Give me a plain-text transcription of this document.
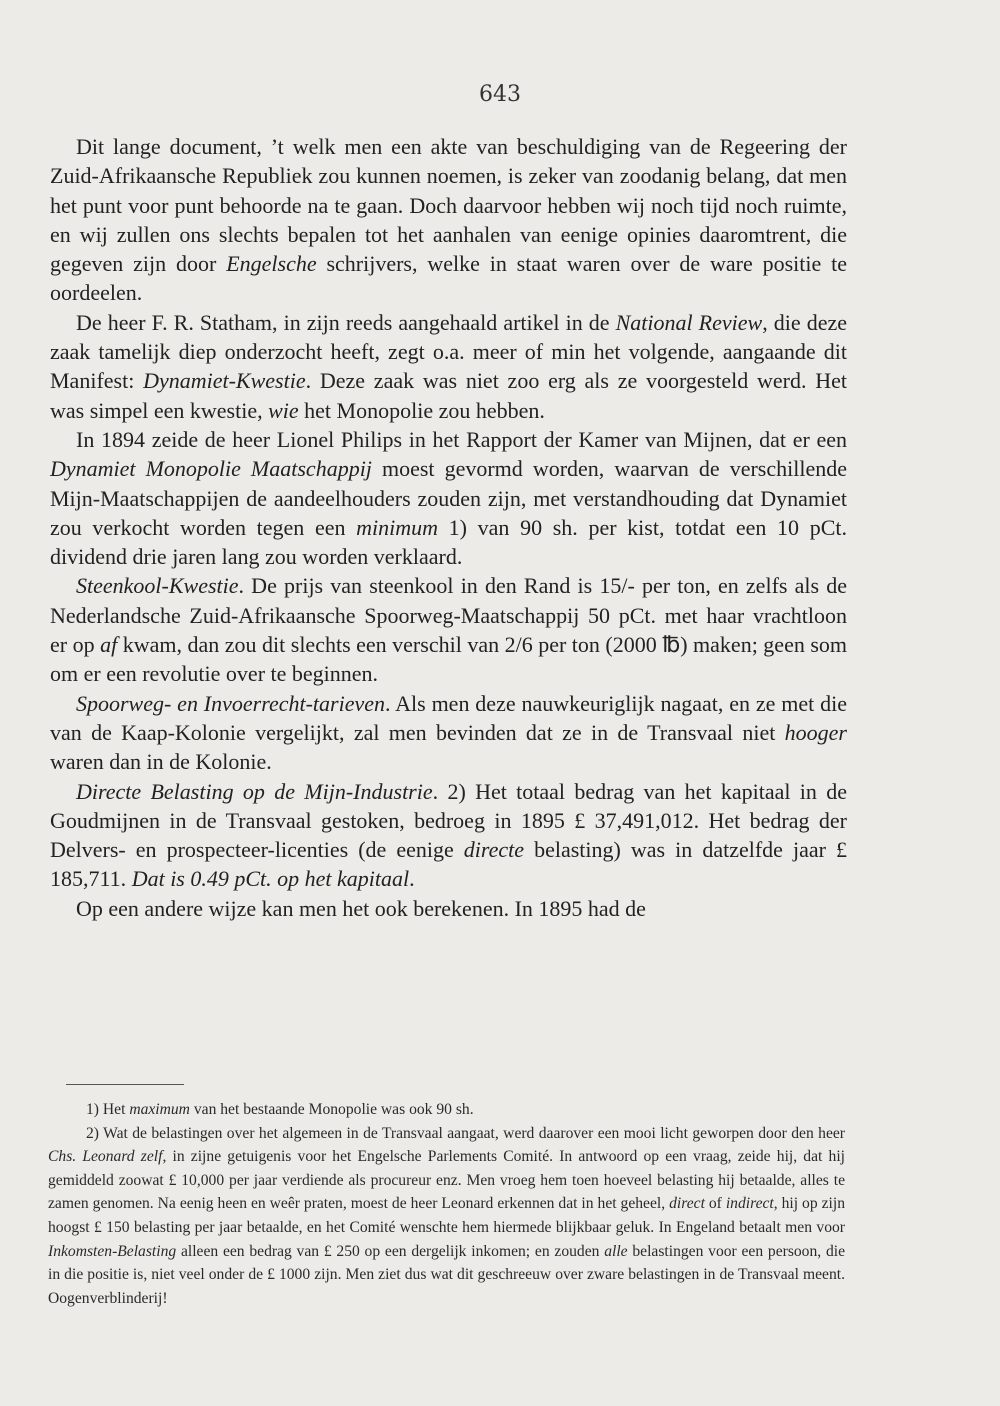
643

Dit lange document, ’t welk men een akte van beschuldiging van de Regeering der Zuid-Afrikaansche Republiek zou kunnen noemen, is zeker van zoodanig belang, dat men het punt voor punt behoorde na te gaan. Doch daarvoor hebben wij noch tijd noch ruimte, en wij zullen ons slechts bepalen tot het aanhalen van eenige opinies daaromtrent, die gegeven zijn door Engelsche schrijvers, welke in staat waren over de ware positie te oordeelen.

De heer F. R. Statham, in zijn reeds aangehaald artikel in de National Review, die deze zaak tamelijk diep onderzocht heeft, zegt o.a. meer of min het volgende, aangaande dit Manifest: Dynamiet-Kwestie. Deze zaak was niet zoo erg als ze voorgesteld werd. Het was simpel een kwestie, wie het Monopolie zou hebben.

In 1894 zeide de heer Lionel Philips in het Rapport der Kamer van Mijnen, dat er een Dynamiet Monopolie Maatschappij moest gevormd worden, waarvan de verschillende Mijn-Maatschappijen de aandeelhouders zouden zijn, met verstandhouding dat Dynamiet zou verkocht worden tegen een minimum 1) van 90 sh. per kist, totdat een 10 pCt. dividend drie jaren lang zou worden verklaard.

Steenkool-Kwestie. De prijs van steenkool in den Rand is 15/- per ton, en zelfs als de Nederlandsche Zuid-Afrikaansche Spoorweg-Maatschappij 50 pCt. met haar vrachtloon er op af kwam, dan zou dit slechts een verschil van 2/6 per ton (2000 ℔) maken; geen som om er een revolutie over te beginnen.

Spoorweg- en Invoerrecht-tarieven. Als men deze nauwkeuriglijk nagaat, en ze met die van de Kaap-Kolonie vergelijkt, zal men bevinden dat ze in de Transvaal niet hooger waren dan in de Kolonie.

Directe Belasting op de Mijn-Industrie. 2) Het totaal bedrag van het kapitaal in de Goudmijnen in de Transvaal gestoken, bedroeg in 1895 £ 37,491,012. Het bedrag der Delvers- en prospecteer-licenties (de eenige directe belasting) was in datzelfde jaar £ 185,711. Dat is 0.49 pCt. op het kapitaal.

Op een andere wijze kan men het ook berekenen. In 1895 had de

1) Het maximum van het bestaande Monopolie was ook 90 sh.

2) Wat de belastingen over het algemeen in de Transvaal aangaat, werd daarover een mooi licht geworpen door den heer Chs. Leonard zelf, in zijne getuigenis voor het Engelsche Parlements Comité. In antwoord op een vraag, zeide hij, dat hij gemiddeld zoowat £ 10,000 per jaar verdiende als procureur enz. Men vroeg hem toen hoeveel belasting hij betaalde, alles te zamen genomen. Na eenig heen en weêr praten, moest de heer Leonard erkennen dat in het geheel, direct of indirect, hij op zijn hoogst £ 150 belasting per jaar betaalde, en het Comité wenschte hem hiermede blijkbaar geluk. In Engeland betaalt men voor Inkomsten-Belasting alleen een bedrag van £ 250 op een dergelijk inkomen; en zouden alle belastingen voor een persoon, die in die positie is, niet veel onder de £ 1000 zijn. Men ziet dus wat dit geschreeuw over zware belastingen in de Transvaal meent. Oogenverblinderij!
